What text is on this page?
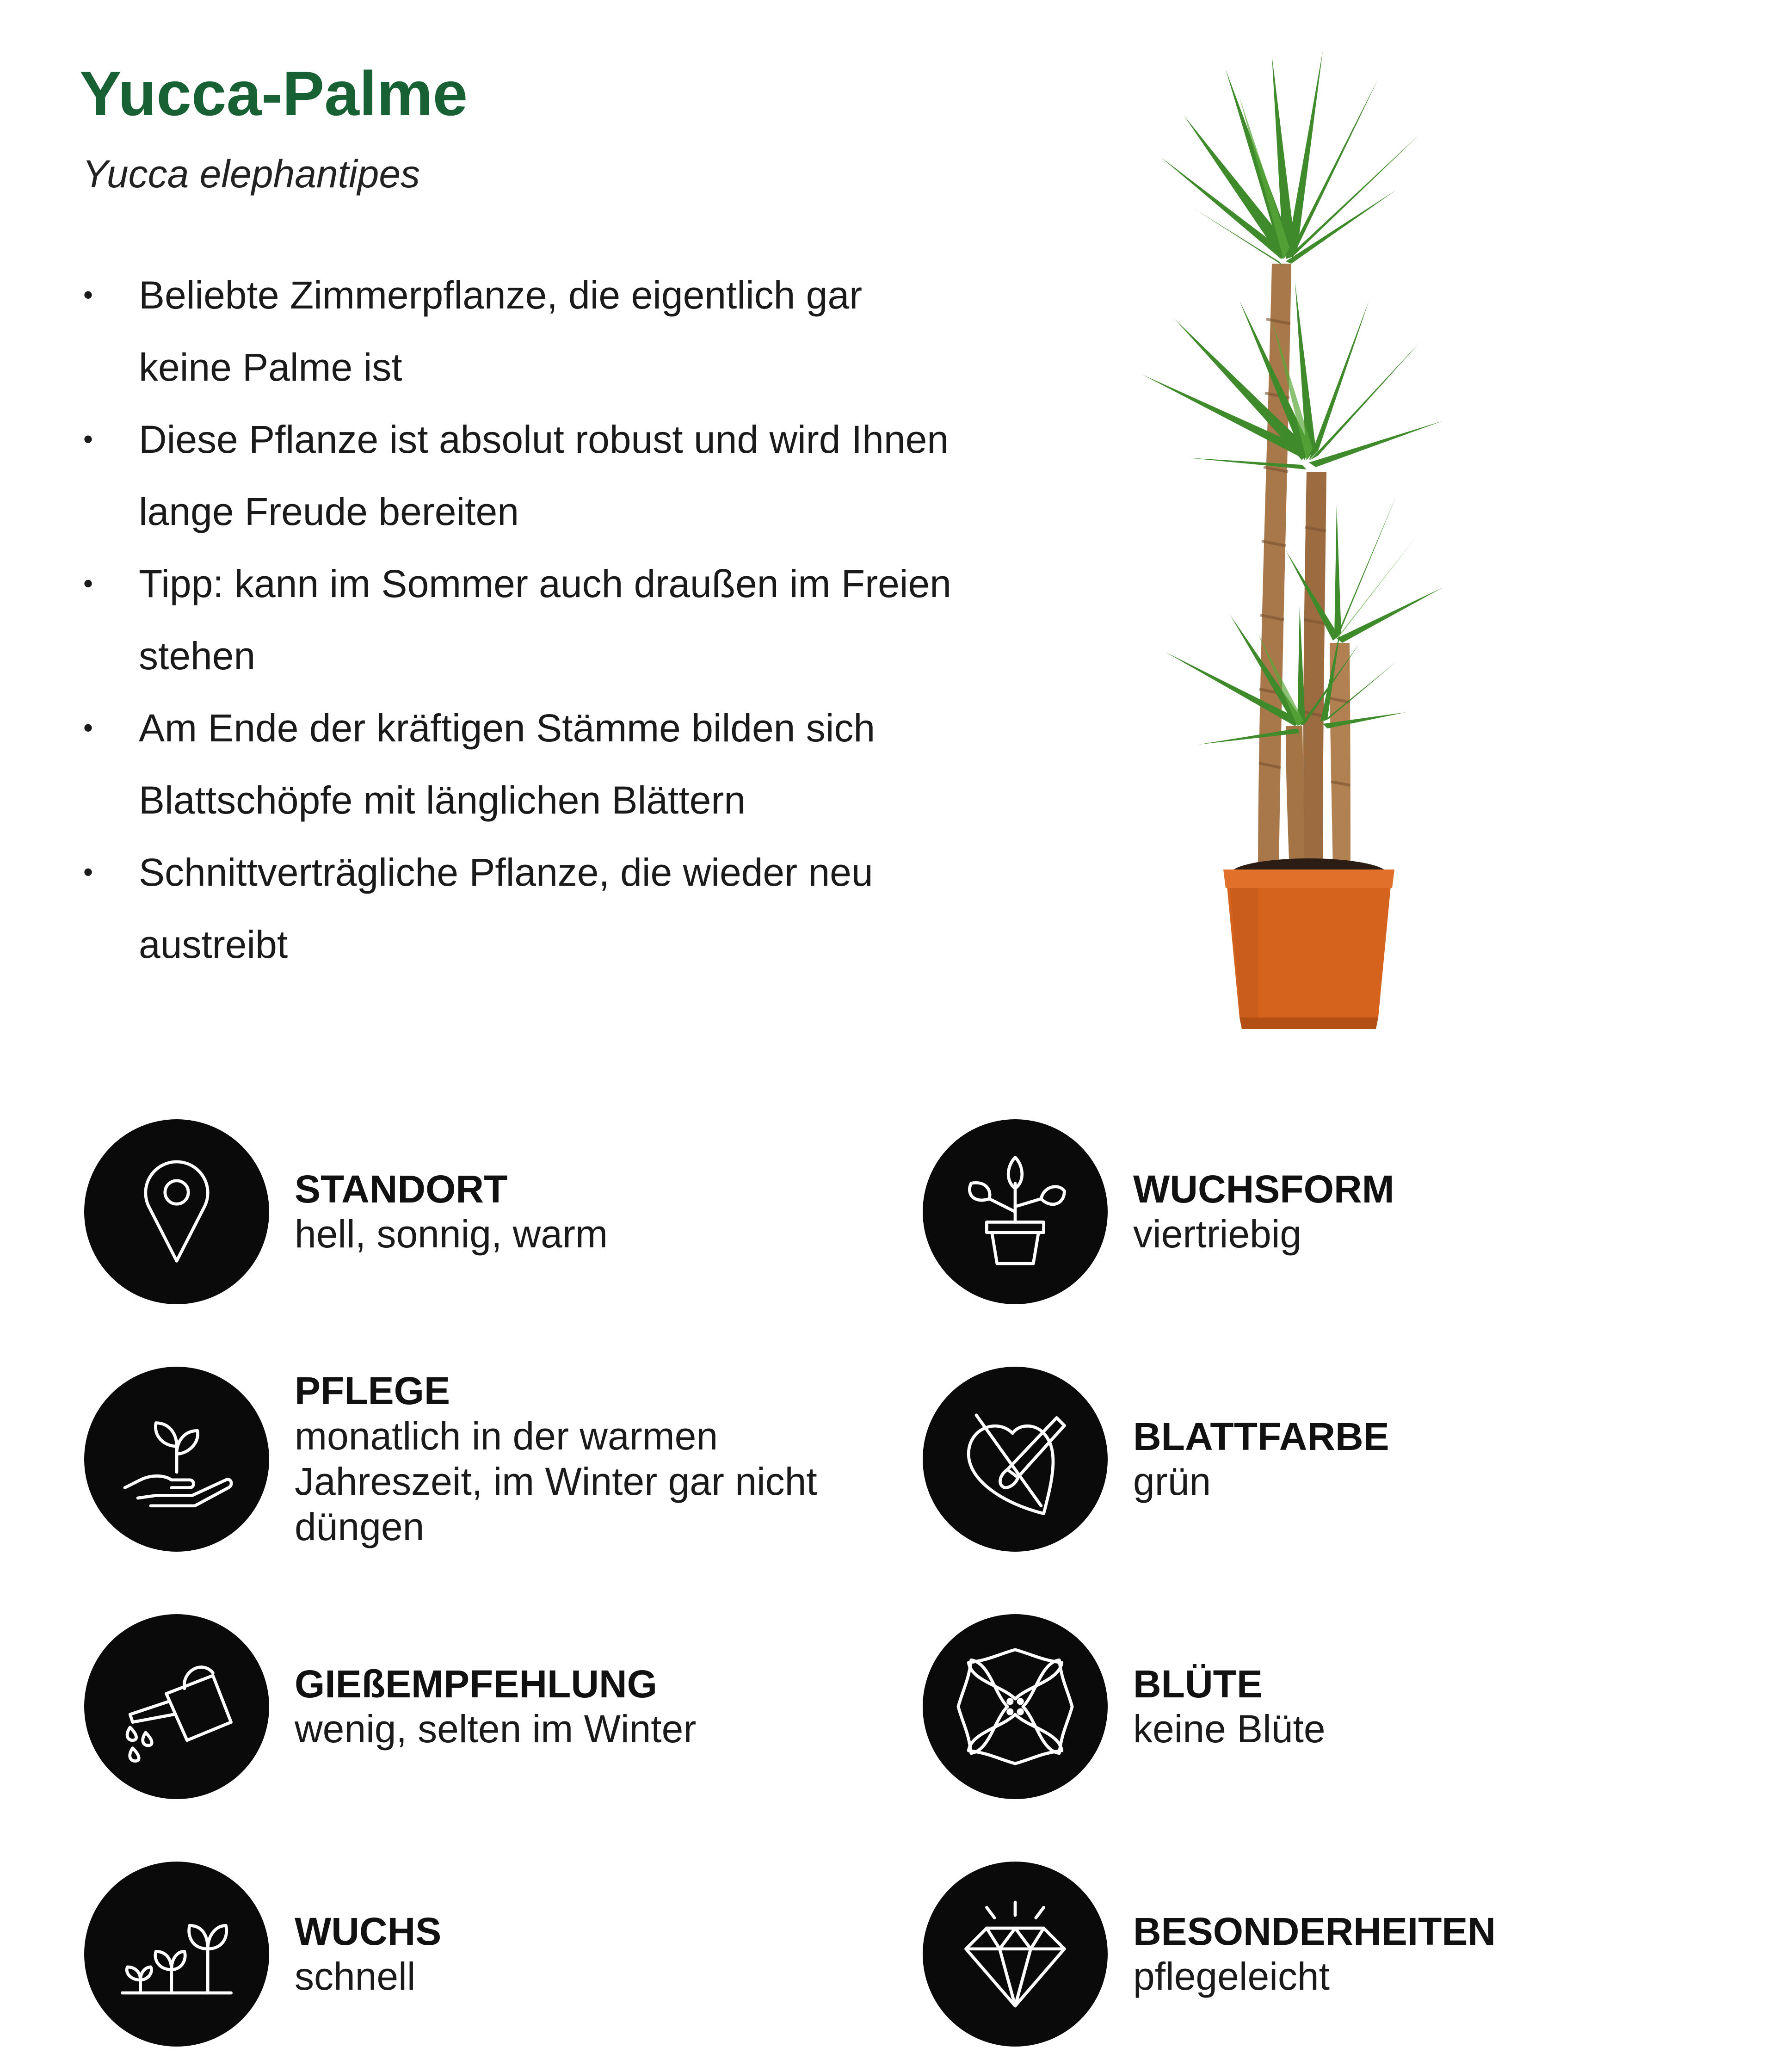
Yucca-Palme

Yucca elephantipes

• Beliebte Zimmerpflanze, die eigentlich gar keine Palme ist
• Diese Pflanze ist absolut robust und wird Ihnen lange Freude bereiten
• Tipp: kann im Sommer auch draußen im Freien stehen
• Am Ende der kräftigen Stämme bilden sich Blattschöpfe mit länglichen Blättern
• Schnittverträgliche Pflanze, die wieder neu austreibt
STANDORT
hell, sonnig, warm
PFLEGE
monatlich in der warmen Jahreszeit, im Winter gar nicht düngen
GIEßEMPFEHLUNG
wenig, selten im Winter
WUCHS
schnell
WUCHSFORM
viertriebig
BLATTFARBE
grün
BLÜTE
keine Blüte
BESONDERHEITEN
pflegeleicht
